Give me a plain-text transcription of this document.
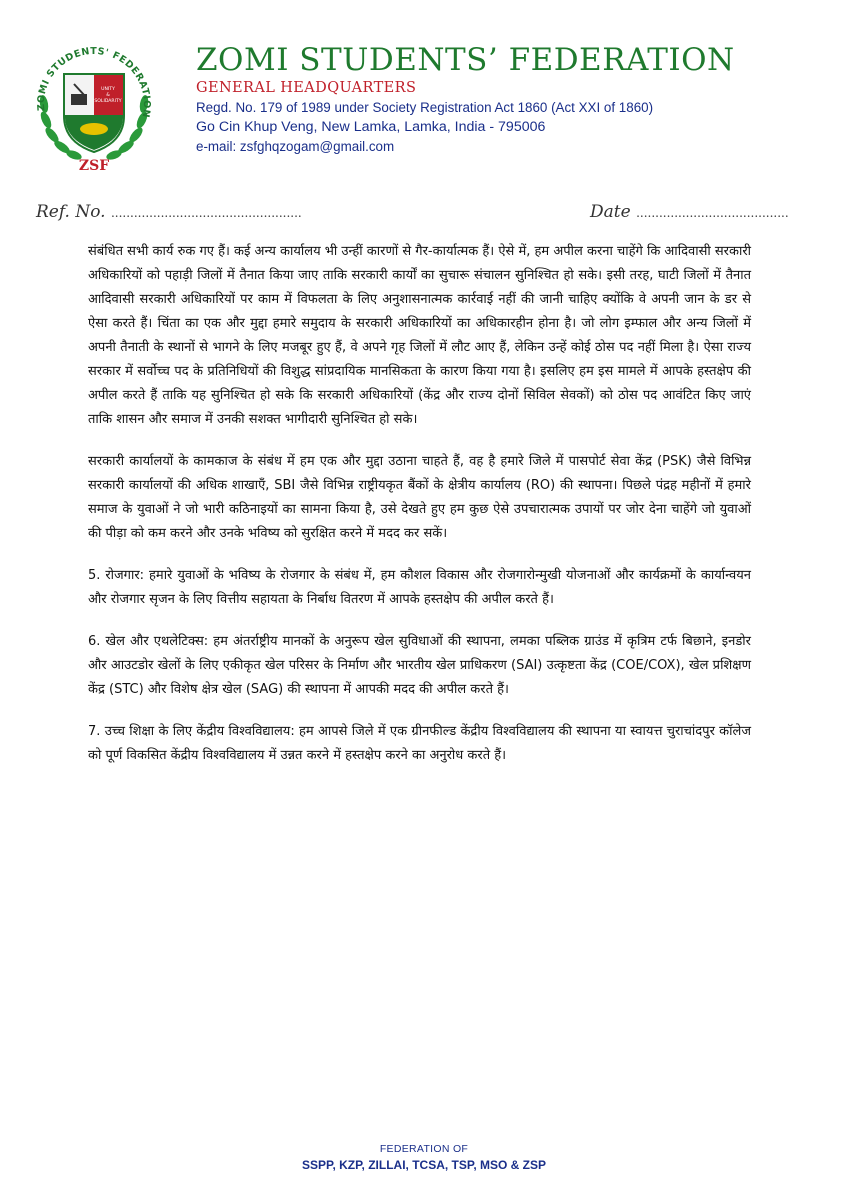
ZOMI STUDENTS' FEDERATION
UNITY
&
SOLIDARITY
ZSF
ZOMI STUDENTS’ FEDERATION
GENERAL HEADQUARTERS
Regd. No. 179 of 1989 under Society Registration Act 1860 (Act XXI of 1860)
Go Cin Khup Veng, New Lamka, Lamka, India - 795006
e-mail: zsfghqzogam@gmail.com
Ref. No. ..................................................	Date ........................................

संबंधित सभी कार्य रुक गए हैं। कई अन्य कार्यालय भी उन्हीं कारणों से गैर-कार्यात्मक हैं। ऐसे में, हम अपील करना चाहेंगे कि आदिवासी सरकारी अधिकारियों को पहाड़ी जिलों में तैनात किया जाए ताकि सरकारी कार्यों का सुचारू संचालन सुनिश्चित हो सके। इसी तरह, घाटी जिलों में तैनात आदिवासी सरकारी अधिकारियों पर काम में विफलता के लिए अनुशासनात्मक कार्रवाई नहीं की जानी चाहिए क्योंकि वे अपनी जान के डर से ऐसा करते हैं। चिंता का एक और मुद्दा हमारे समुदाय के सरकारी अधिकारियों का अधिकारहीन होना है। जो लोग इम्फाल और अन्य जिलों में अपनी तैनाती के स्थानों से भागने के लिए मजबूर हुए हैं, वे अपने गृह जिलों में लौट आए हैं, लेकिन उन्हें कोई ठोस पद नहीं मिला है। ऐसा राज्य सरकार में सर्वोच्च पद के प्रतिनिधियों की विशुद्ध सांप्रदायिक मानसिकता के कारण किया गया है। इसलिए हम इस मामले में आपके हस्तक्षेप की अपील करते हैं ताकि यह सुनिश्चित हो सके कि सरकारी अधिकारियों (केंद्र और राज्य दोनों सिविल सेवकों) को ठोस पद आवंटित किए जाएं ताकि शासन और समाज में उनकी सशक्त भागीदारी सुनिश्चित हो सके।

सरकारी कार्यालयों के कामकाज के संबंध में हम एक और मुद्दा उठाना चाहते हैं, वह है हमारे जिले में पासपोर्ट सेवा केंद्र (PSK) जैसे विभिन्न सरकारी कार्यालयों की अधिक शाखाएँ, SBI जैसे विभिन्न राष्ट्रीयकृत बैंकों के क्षेत्रीय कार्यालय (RO) की स्थापना। पिछले पंद्रह महीनों में हमारे समाज के युवाओं ने जो भारी कठिनाइयों का सामना किया है, उसे देखते हुए हम कुछ ऐसे उपचारात्मक उपायों पर जोर देना चाहेंगे जो युवाओं की पीड़ा को कम करने और उनके भविष्य को सुरक्षित करने में मदद कर सकें।

5. रोजगार: हमारे युवाओं के भविष्य के रोजगार के संबंध में, हम कौशल विकास और रोजगारोन्मुखी योजनाओं और कार्यक्रमों के कार्यान्वयन और रोजगार सृजन के लिए वित्तीय सहायता के निर्बाध वितरण में आपके हस्तक्षेप की अपील करते हैं।

6. खेल और एथलेटिक्स: हम अंतर्राष्ट्रीय मानकों के अनुरूप खेल सुविधाओं की स्थापना, लमका पब्लिक ग्राउंड में कृत्रिम टर्फ बिछाने, इनडोर और आउटडोर खेलों के लिए एकीकृत खेल परिसर के निर्माण और भारतीय खेल प्राधिकरण (SAI) उत्कृष्टता केंद्र (COE/COX), खेल प्रशिक्षण केंद्र (STC) और विशेष क्षेत्र खेल (SAG) की स्थापना में आपकी मदद की अपील करते हैं।

7. उच्च शिक्षा के लिए केंद्रीय विश्वविद्यालय: हम आपसे जिले में एक ग्रीनफील्ड केंद्रीय विश्वविद्यालय की स्थापना या स्वायत्त चुराचांदपुर कॉलेज को पूर्ण विकसित केंद्रीय विश्वविद्यालय में उन्नत करने में हस्तक्षेप करने का अनुरोध करते हैं।

FEDERATION OF
SSPP, KZP, ZILLAI, TCSA, TSP, MSO & ZSP
